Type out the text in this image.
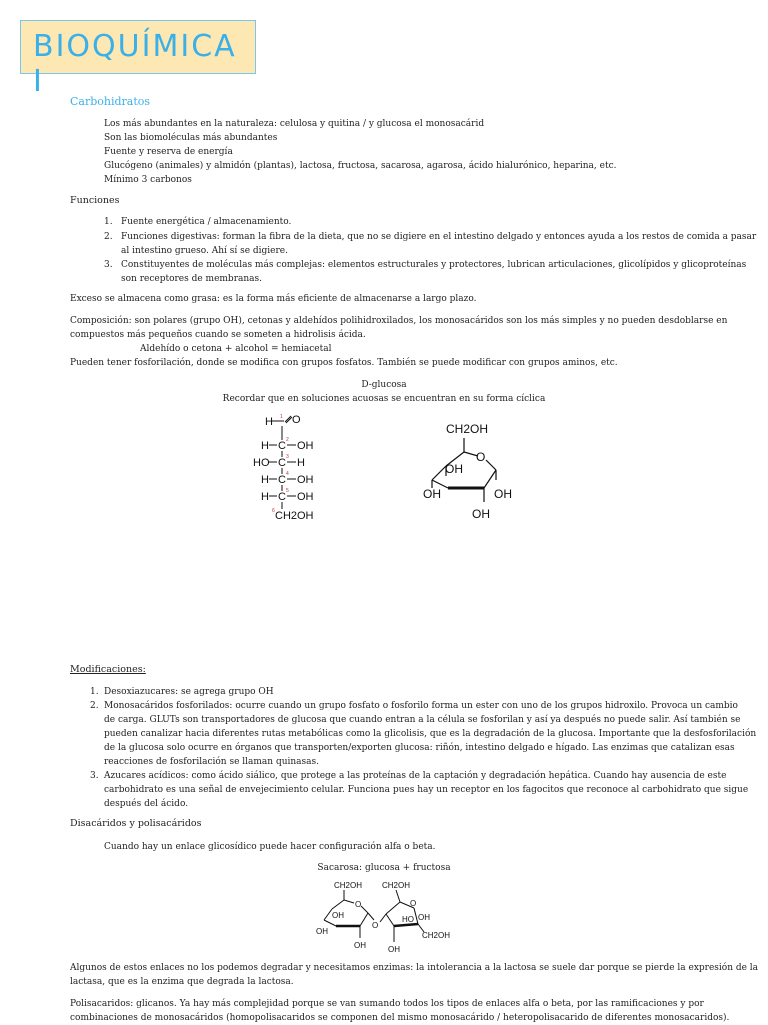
BIOQUÍMICA I
Carbohidratos
Los más abundantes en la naturaleza: celulosa y quitina / y glucosa el monosacárid
Son las biomoléculas más abundantes
Fuente y reserva de energía
Glucógeno (animales) y almidón (plantas), lactosa, fructosa, sacarosa, agarosa, ácido hialurónico, heparina, etc.
Mínimo 3 carbonos
Funciones
1. Fuente energética / almacenamiento.
2. Funciones digestivas: forman la fibra de la dieta, que no se digiere en el intestino delgado y entonces ayuda a los restos de comida a pasar
al intestino grueso. Ahí sí se digiere.
3. Constituyentes de moléculas más complejas: elementos estructurales y protectores, lubrican articulaciones, glicolípidos y glicoproteínas
son receptores de membranas.
Exceso se almacena como grasa: es la forma más eficiente de almacenarse a largo plazo.
Composición: son polares (grupo OH), cetonas y aldehídos polihidroxilados, los monosacáridos son los más simples y no pueden desdoblarse en
compuestos más pequeños cuando se someten a hidrolisis ácida.
Aldehído o cetona + alcohol = hemiacetal
Pueden tener fosforilación, donde se modifica con grupos fosfatos. También se puede modificar con grupos aminos, etc.
D-glucosa
Recordar que en soluciones acuosas se encuentran en su forma cíclica
H O
H C OH
HO C H
H C OH
H C OH
CH2OH
1
2
3
4
5
6
CH2OH
O
OH
OH	OH
OH
Modificaciones:
1. Desoxiazucares: se agrega grupo OH
2. Monosacáridos fosforilados: ocurre cuando un grupo fosfato o fosforilo forma un ester con uno de los grupos hidroxilo. Provoca un cambio
de carga. GLUTs son transportadores de glucosa que cuando entran a la célula se fosforilan y así ya después no puede salir. Así también se
pueden canalizar hacia diferentes rutas metabólicas como la glicolisis, que es la degradación de la glucosa. Importante que la desfosforilación
de la glucosa solo ocurre en órganos que transporten/exporten glucosa: riñón, intestino delgado e hígado. Las enzimas que catalizan esas
reacciones de fosforilación se llaman quinasas.
3. Azucares acídicos: como ácido siálico, que protege a las proteínas de la captación y degradación hepática. Cuando hay ausencia de este
carbohidrato es una señal de envejecimiento celular. Funciona pues hay un receptor en los fagocitos que reconoce al carbohidrato que sigue
después del ácido.
Disacáridos y polisacáridos
Cuando hay un enlace glicosídico puede hacer configuración alfa o beta.
Sacarosa: glucosa + fructosa
CH2OH
O
OH
OH
OH
O
CH2OH
O
HO OH
CH2OH
OH
Algunos de estos enlaces no los podemos degradar y necesitamos enzimas: la intolerancia a la lactosa se suele dar porque se pierde la expresión de la
lactasa, que es la enzima que degrada la lactosa.
Polisacaridos: glicanos. Ya hay más complejidad porque se van sumando todos los tipos de enlaces alfa o beta, por las ramificaciones y por
combinaciones de monosacáridos (homopolisacaridos se componen del mismo monosacárido / heteropolisacarido de diferentes monosacaridos).
